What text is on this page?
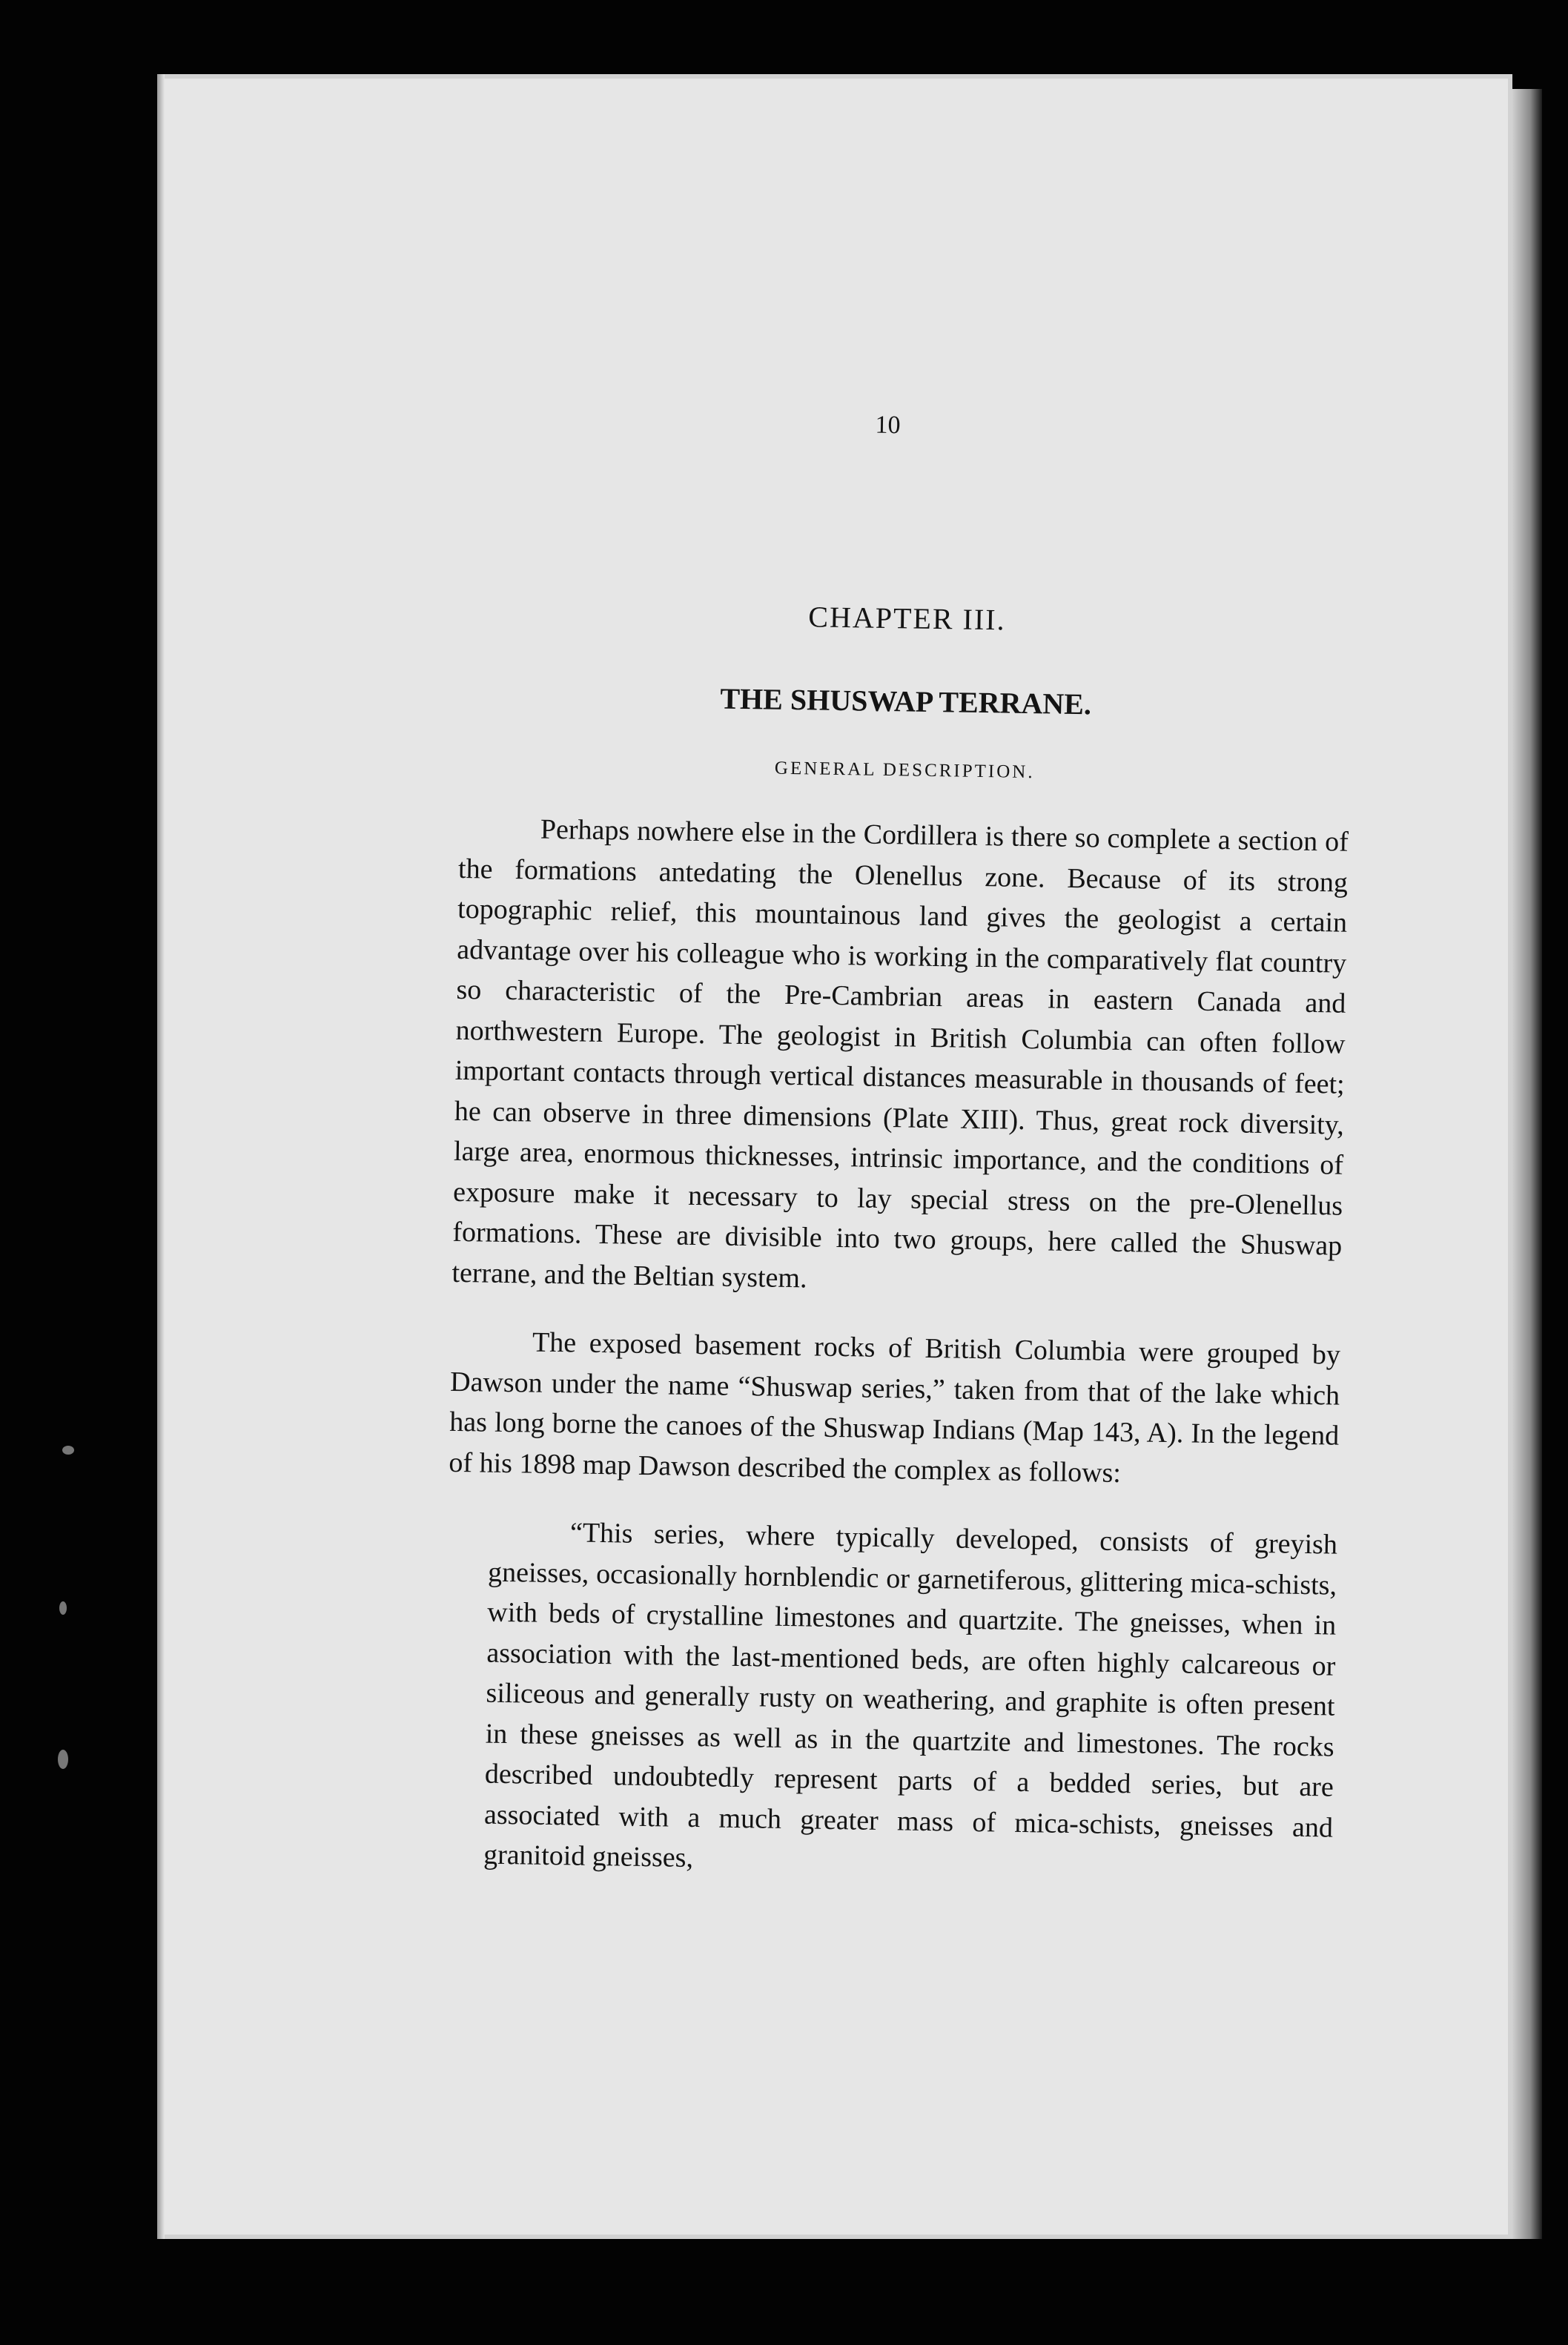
10
CHAPTER III.
THE SHUSWAP TERRANE.
GENERAL DESCRIPTION.

Perhaps nowhere else in the Cordillera is there so complete a section of the formations antedating the Olenellus zone. Because of its strong topographic relief, this mountainous land gives the geologist a certain advantage over his colleague who is working in the comparatively flat country so characteristic of the Pre-Cambrian areas in eastern Canada and northwestern Europe. The geologist in British Columbia can often follow important contacts through vertical distances measurable in thousands of feet; he can observe in three dimensions (Plate XIII). Thus, great rock diversity, large area, enormous thicknesses, intrinsic importance, and the conditions of exposure make it necessary to lay special stress on the pre-Olenellus formations. These are divisible into two groups, here called the Shuswap terrane, and the Beltian system.

The exposed basement rocks of British Columbia were grouped by Dawson under the name “Shuswap series,” taken from that of the lake which has long borne the canoes of the Shuswap Indians (Map 143, A). In the legend of his 1898 map Dawson described the complex as follows:

“This series, where typically developed, consists of greyish gneisses, occasionally hornblendic or garnetiferous, glittering mica-schists, with beds of crystalline limestones and quartzite. The gneisses, when in association with the last-mentioned beds, are often highly calcareous or siliceous and generally rusty on weathering, and graphite is often present in these gneisses as well as in the quartzite and limestones. The rocks described undoubtedly represent parts of a bedded series, but are associated with a much greater mass of mica-schists, gneisses and granitoid gneisses,
